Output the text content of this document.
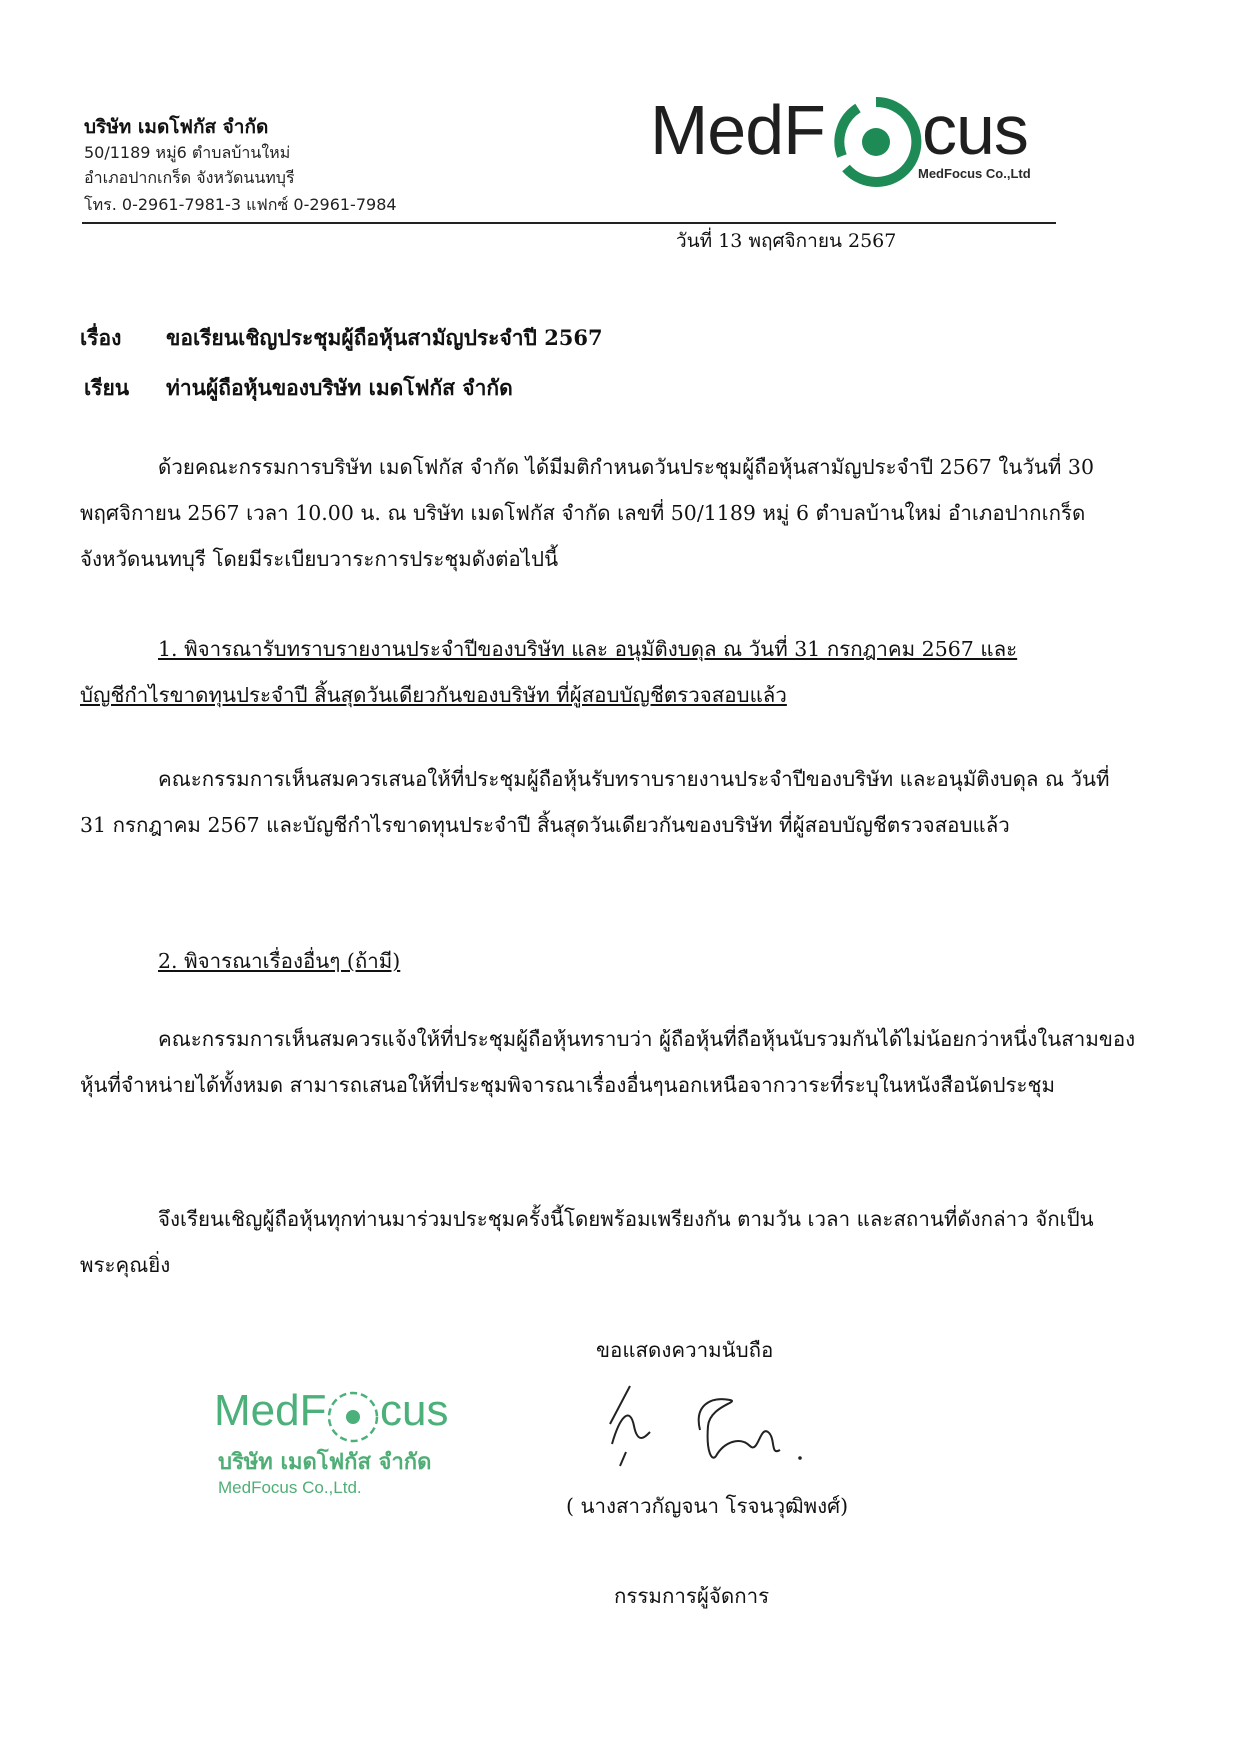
บริษัท เมดโฟกัส จำกัด
50/1189 หมู่6 ตำบลบ้านใหม่
อำเภอปากเกร็ด จังหวัดนนทบุรี
โทร. 0-2961-7981-3 แฟกซ์ 0-2961-7984
MedF cus
MedFocus Co.,Ltd
วันที่ 13 พฤศจิกายน 2567
เรื่อง ขอเรียนเชิญประชุมผู้ถือหุ้นสามัญประจำปี 2567
เรียน ท่านผู้ถือหุ้นของบริษัท เมดโฟกัส จำกัด
ด้วยคณะกรรมการบริษัท เมดโฟกัส จำกัด ได้มีมติกำหนดวันประชุมผู้ถือหุ้นสามัญประจำปี 2567 ในวันที่ 30 พฤศจิกายน 2567 เวลา 10.00 น. ณ บริษัท เมดโฟกัส จำกัด เลขที่ 50/1189 หมู่ 6 ตำบลบ้านใหม่ อำเภอปากเกร็ด จังหวัดนนทบุรี โดยมีระเบียบวาระการประชุมดังต่อไปนี้
1. พิจารณารับทราบรายงานประจำปีของบริษัท และ อนุมัติงบดุล ณ วันที่ 31 กรกฎาคม 2567 และ
บัญชีกำไรขาดทุนประจำปี สิ้นสุดวันเดียวกันของบริษัท ที่ผู้สอบบัญชีตรวจสอบแล้ว
คณะกรรมการเห็นสมควรเสนอให้ที่ประชุมผู้ถือหุ้นรับทราบรายงานประจำปีของบริษัท และอนุมัติงบดุล ณ วันที่ 31 กรกฎาคม 2567 และบัญชีกำไรขาดทุนประจำปี สิ้นสุดวันเดียวกันของบริษัท ที่ผู้สอบบัญชีตรวจสอบแล้ว
2. พิจารณาเรื่องอื่นๆ (ถ้ามี)
คณะกรรมการเห็นสมควรแจ้งให้ที่ประชุมผู้ถือหุ้นทราบว่า ผู้ถือหุ้นที่ถือหุ้นนับรวมกันได้ไม่น้อยกว่าหนึ่งในสามของหุ้นที่จำหน่ายได้ทั้งหมด สามารถเสนอให้ที่ประชุมพิจารณาเรื่องอื่นๆนอกเหนือจากวาระที่ระบุในหนังสือนัดประชุม
จึงเรียนเชิญผู้ถือหุ้นทุกท่านมาร่วมประชุมครั้งนี้โดยพร้อมเพรียงกัน ตามวัน เวลา และสถานที่ดังกล่าว จักเป็นพระคุณยิ่ง
ขอแสดงความนับถือ
( นางสาวกัญจนา โรจนวุฒิพงศ์)
กรรมการผู้จัดการ
MedF cus
บริษัท เมดโฟกัส จำกัด
MedFocus Co.,Ltd.
